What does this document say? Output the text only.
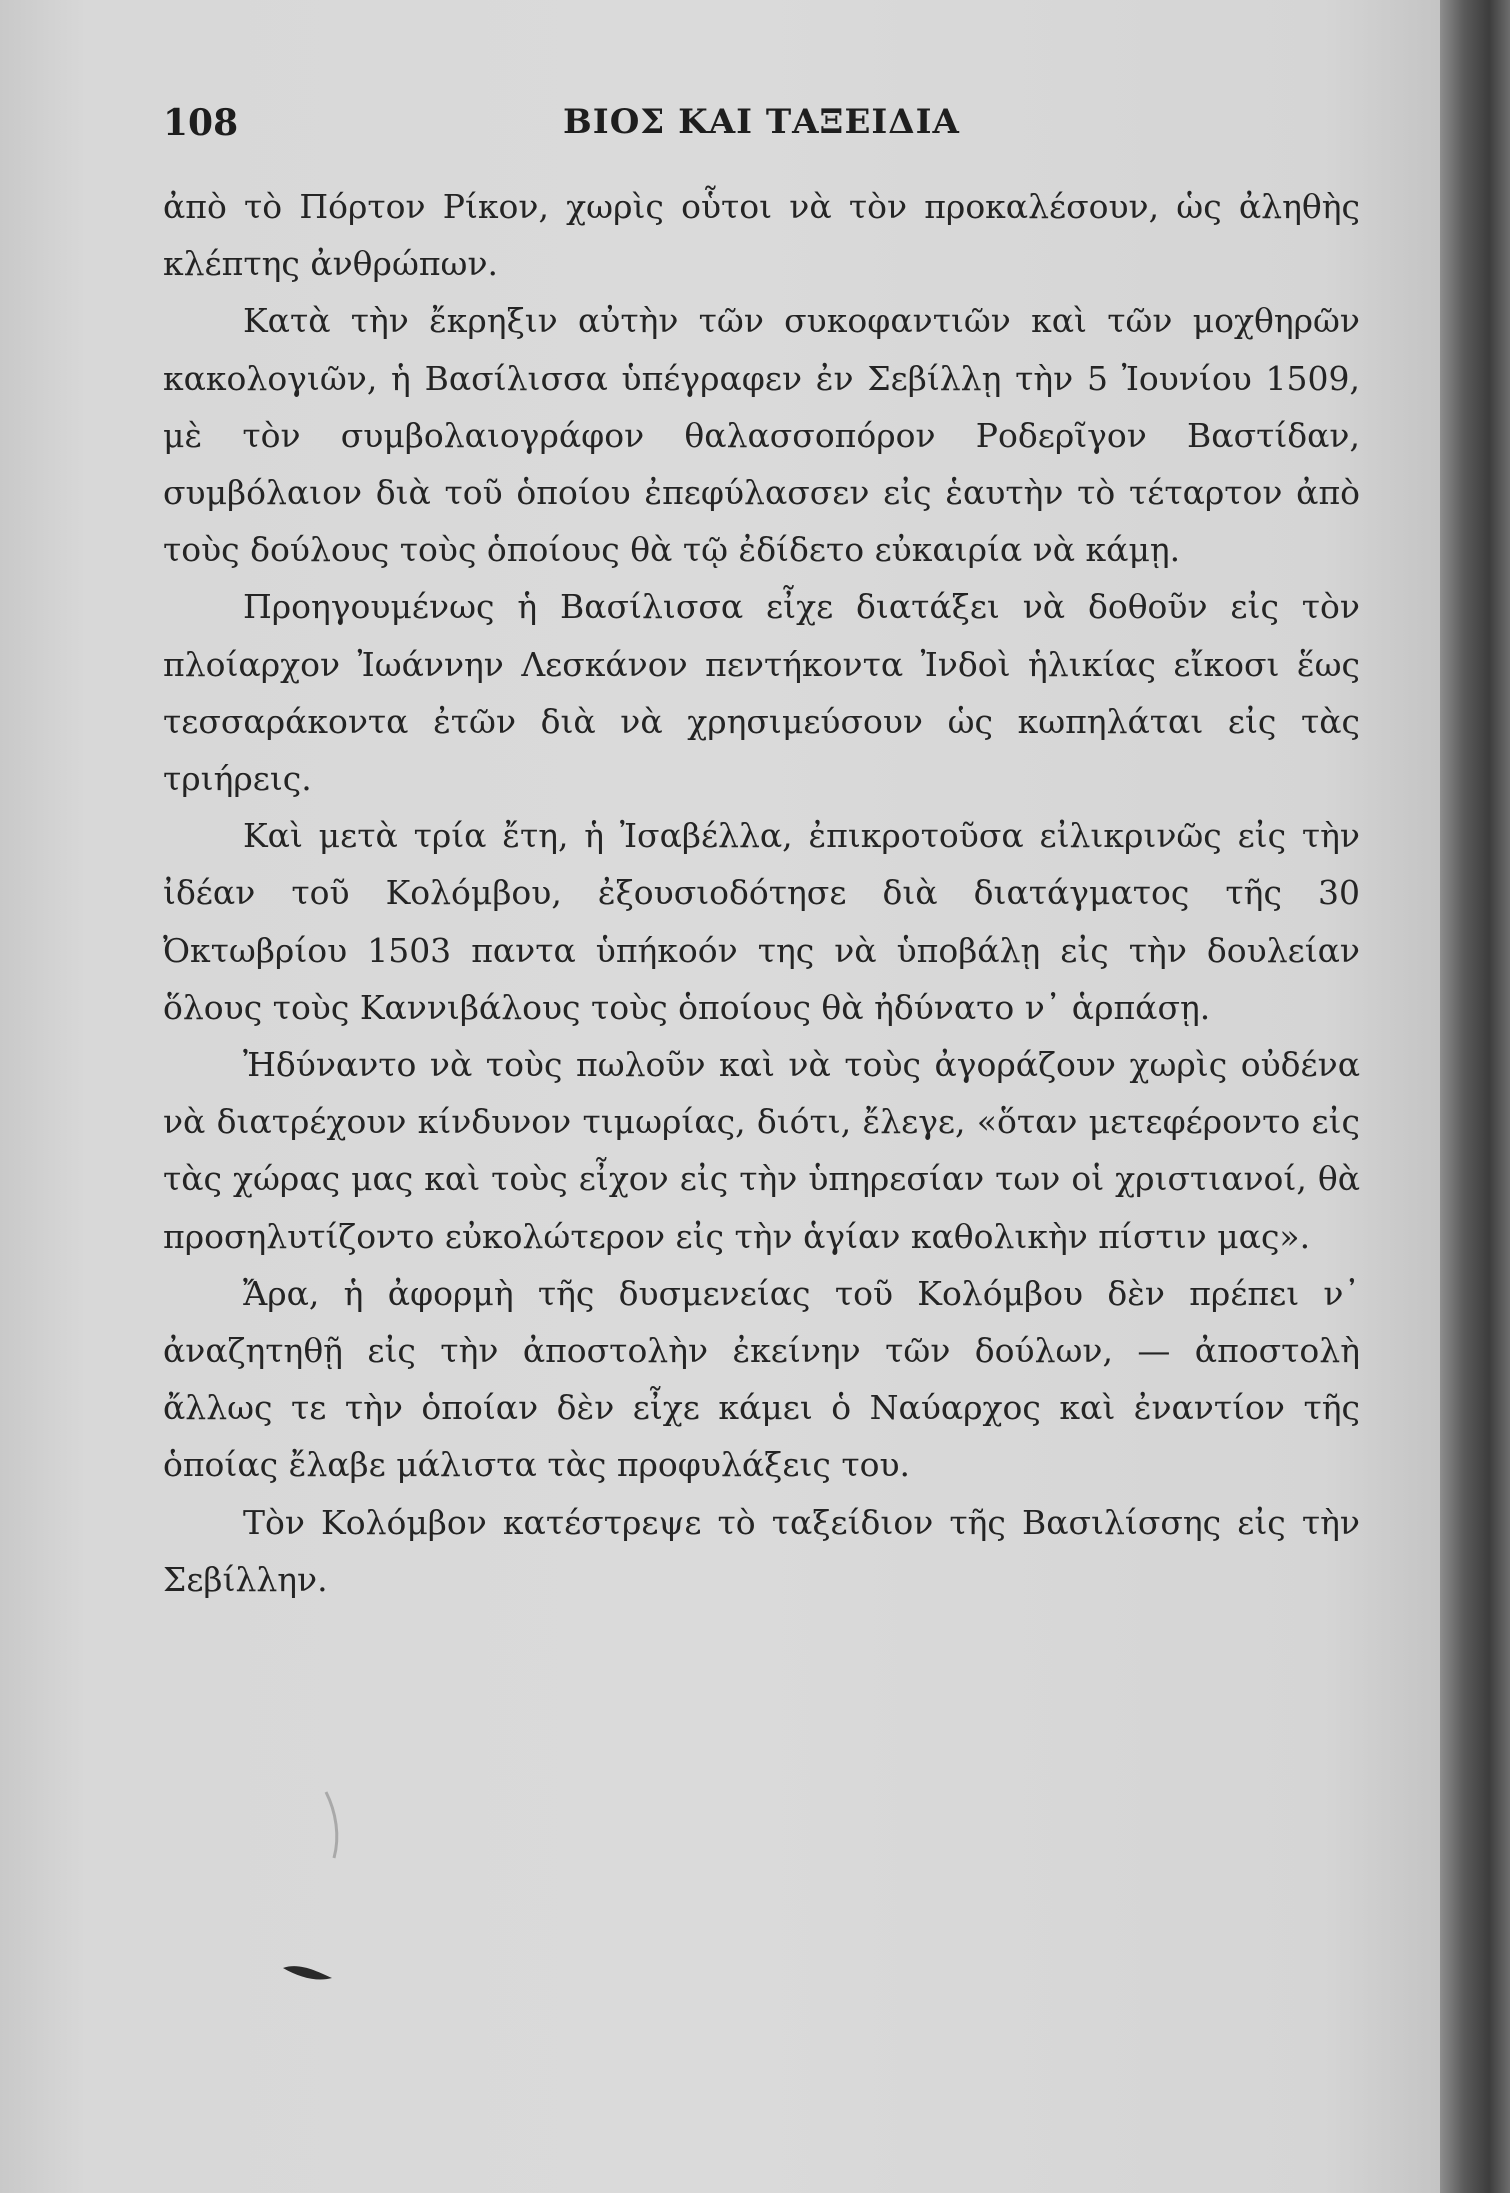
108	ΒΙΟΣ ΚΑΙ ΤΑΞΕΙΔΙΑ

ἀπὸ τὸ Πόρτον Ρίκον, χωρὶς οὗτοι νὰ τὸν προκαλέσουν, ὡς ἀληθὴς κλέπτης ἀνθρώπων.

Κατὰ τὴν ἔκρηξιν αὐτὴν τῶν συκοφαντιῶν καὶ τῶν μοχθηρῶν κακολογιῶν, ἡ Βασίλισσα ὑπέγραφεν ἐν Σεβίλλῃ τὴν 5 Ἰουνίου 1509, μὲ τὸν συμβολαιογράφον θαλασσοπόρον Ροδερῖγον Βαστίδαν, συμβόλαιον διὰ τοῦ ὁποίου ἐπεφύλασσεν εἰς ἑαυτὴν τὸ τέταρτον ἀπὸ τοὺς δούλους τοὺς ὁποίους θὰ τῷ ἐδίδετο εὐκαιρία νὰ κάμῃ.

Προηγουμένως ἡ Βασίλισσα εἶχε διατάξει νὰ δοθοῦν εἰς τὸν πλοίαρχον Ἰωάννην Λεσκάνον πεντήκοντα Ἰνδοὶ ἡλικίας εἴκοσι ἕως τεσσαράκοντα ἐτῶν διὰ νὰ χρησιμεύσουν ὡς κωπηλάται εἰς τὰς τριήρεις.

Καὶ μετὰ τρία ἔτη, ἡ Ἰσαβέλλα, ἐπικροτοῦσα εἰλικρινῶς εἰς τὴν ἰδέαν τοῦ Κολόμβου, ἐξουσιοδότησε διὰ διατάγματος τῆς 30 Ὀκτωβρίου 1503 παντα ὑπήκοόν της νὰ ὑποβάλῃ εἰς τὴν δουλείαν ὅλους τοὺς Καννιβάλους τοὺς ὁποίους θὰ ἠδύνατο ν᾽ ἁρπάσῃ.

Ἠδύναντο νὰ τοὺς πωλοῦν καὶ νὰ τοὺς ἀγοράζουν χωρὶς οὐδένα νὰ διατρέχουν κίνδυνον τιμωρίας, διότι, ἔλεγε, «ὅταν μετεφέροντο εἰς τὰς χώρας μας καὶ τοὺς εἶχον εἰς τὴν ὑπηρεσίαν των οἱ χριστιανοί, θὰ προσηλυτίζοντο εὐκολώτερον εἰς τὴν ἁγίαν καθολικὴν πίστιν μας».

Ἄρα, ἡ ἀφορμὴ τῆς δυσμενείας τοῦ Κολόμβου δὲν πρέπει ν᾽ ἀναζητηθῇ εἰς τὴν ἀποστολὴν ἐκείνην τῶν δούλων, — ἀποστολὴ ἄλλως τε τὴν ὁποίαν δὲν εἶχε κάμει ὁ Ναύαρχος καὶ ἐναντίον τῆς ὁποίας ἔλαβε μάλιστα τὰς προφυλάξεις του.

Τὸν Κολόμβον κατέστρεψε τὸ ταξείδιον τῆς Βασιλίσσης εἰς τὴν Σεβίλλην.
